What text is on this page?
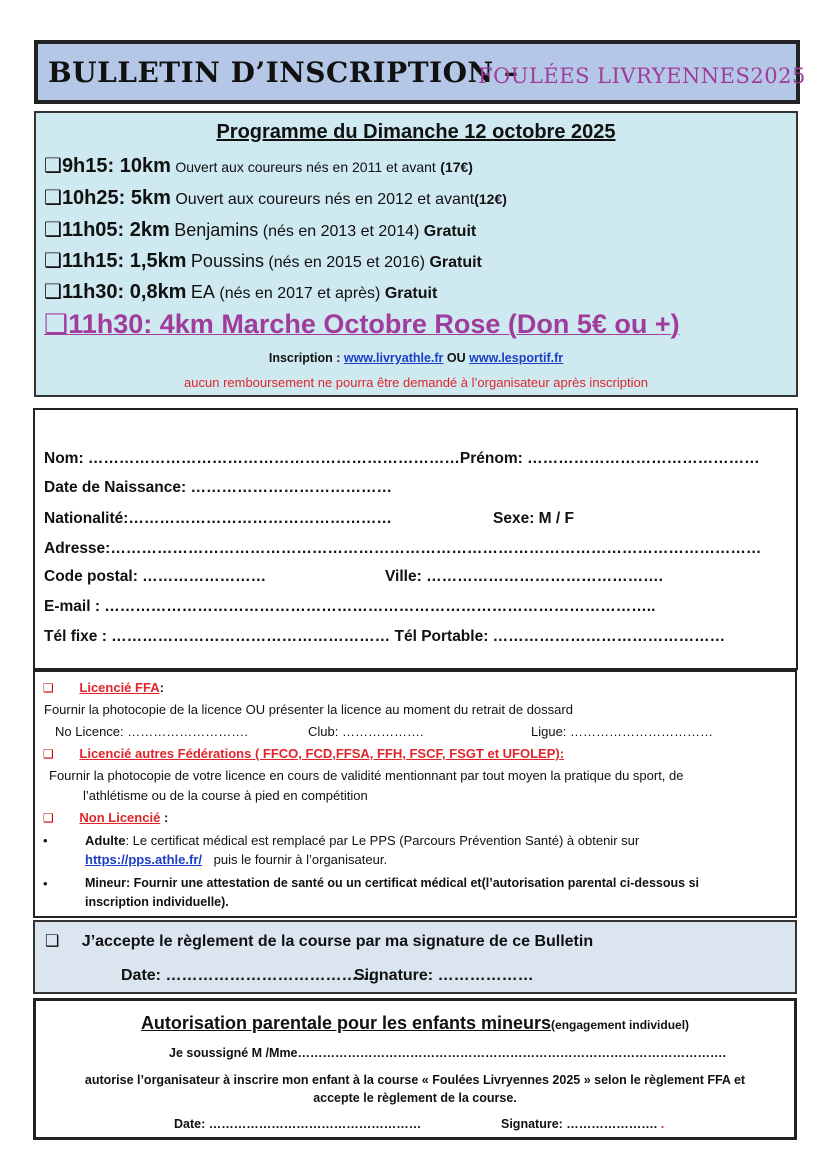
BULLETIN D’INSCRIPTION –
FOULÉES LIVRYENNES2025
Programme du Dimanche 12 octobre 2025
❑9h15: 10km Ouvert aux coureurs nés en 2011 et avant (17€)
❑10h25: 5km Ouvert aux coureurs nés en 2012 et avant(12€)
❑11h05: 2km Benjamins (nés en 2013 et 2014) Gratuit
❑11h15: 1,5km Poussins (nés en 2015 et 2016) Gratuit
❑11h30: 0,8km EA (nés en 2017 et après) Gratuit
❑11h30: 4km Marche Octobre Rose (Don 5€ ou +)
Inscription : www.livryathle.fr OU www.lesportif.fr
aucun remboursement ne pourra être demandé à l’organisateur après inscription
Nom: ………………………………………………………………Prénom: ………………………………………
Date de Naissance: …………………………………
Nationalité:……………………………………………	Sexe: M / F
Adresse:………………………………………………………………………………………………………………
Code postal: ……………………	Ville: ……………………………………….
E-mail : ……………………………………………………………………………………………..
Tél fixe : ……………………………………………… Tél Portable: ………………………………………
❑ Licencié FFA:
Fournir la photocopie de la licence OU présenter la licence au moment du retrait de dossard
No Licence: ……………………….	Club: ……………….	Ligue: ……………………………
❑ Licencié autres Fédérations ( FFCO, FCD,FFSA, FFH, FSCF, FSGT et UFOLEP):
Fournir la photocopie de votre licence en cours de validité mentionnant par tout moyen la pratique du sport, de
l’athlétisme ou de la course à pied en compétition
❑ Non Licencié :
•	Adulte: Le certificat médical est remplacé par Le PPS (Parcours Prévention Santé) à obtenir sur
https://pps.athle.fr/ puis le fournir à l’organisateur.
•	Mineur: Fournir une attestation de santé ou un certificat médical et(l’autorisation parental ci-dessous si
inscription individuelle).
❑ J’accepte le règlement de la course par ma signature de ce Bulletin
Date: …………………………………
Signature: ………………
Autorisation parentale pour les enfants mineurs(engagement individuel)
Je soussigné M /Mme………………………………………………………………………………………….
autorise l’organisateur à inscrire mon enfant à la course « Foulées Livryennes 2025 » selon le règlement FFA et
accepte le règlement de la course.
Date: ……………………………………………	Signature: …………………. .
